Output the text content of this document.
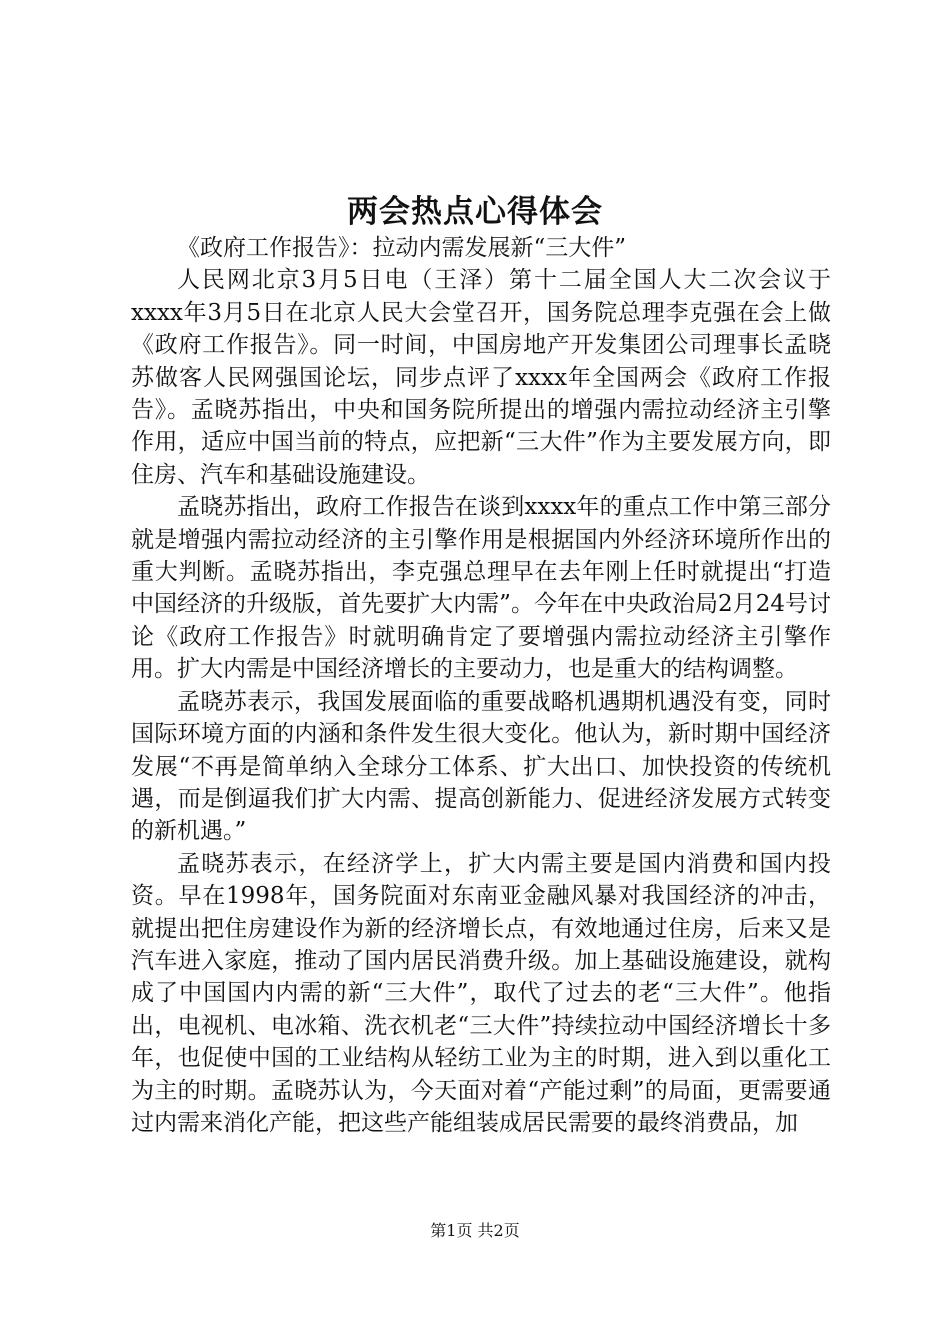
两会热点心得体会

《政府工作报告》：拉动内需发展新“三大件”

人民网北京3月5日电（王泽）第十二届全国人大二次会议于xxxx年3月5日在北京人民大会堂召开，国务院总理李克强在会上做《政府工作报告》。同一时间，中国房地产开发集团公司理事长孟晓苏做客人民网强国论坛，同步点评了xxxx年全国两会《政府工作报告》。孟晓苏指出，中央和国务院所提出的增强内需拉动经济主引擎作用，适应中国当前的特点，应把新“三大件”作为主要发展方向，即住房、汽车和基础设施建设。

孟晓苏指出，政府工作报告在谈到xxxx年的重点工作中第三部分就是增强内需拉动经济的主引擎作用是根据国内外经济环境所作出的重大判断。孟晓苏指出，李克强总理早在去年刚上任时就提出“打造中国经济的升级版，首先要扩大内需”。今年在中央政治局2月24号讨论《政府工作报告》时就明确肯定了要增强内需拉动经济主引擎作用。扩大内需是中国经济增长的主要动力，也是重大的结构调整。

孟晓苏表示，我国发展面临的重要战略机遇期机遇没有变，同时国际环境方面的内涵和条件发生很大变化。他认为，新时期中国经济发展“不再是简单纳入全球分工体系、扩大出口、加快投资的传统机遇，而是倒逼我们扩大内需、提高创新能力、促进经济发展方式转变的新机遇。”

孟晓苏表示，在经济学上，扩大内需主要是国内消费和国内投资。早在1998年，国务院面对东南亚金融风暴对我国经济的冲击，就提出把住房建设作为新的经济增长点，有效地通过住房，后来又是汽车进入家庭，推动了国内居民消费升级。加上基础设施建设，就构成了中国国内内需的新“三大件”，取代了过去的老“三大件”。他指出，电视机、电冰箱、洗衣机老“三大件”持续拉动中国经济增长十多年，也促使中国的工业结构从轻纺工业为主的时期，进入到以重化工为主的时期。孟晓苏认为，今天面对着“产能过剩”的局面，更需要通过内需来消化产能，把这些产能组装成居民需要的最终消费品，加

第1页 共2页
